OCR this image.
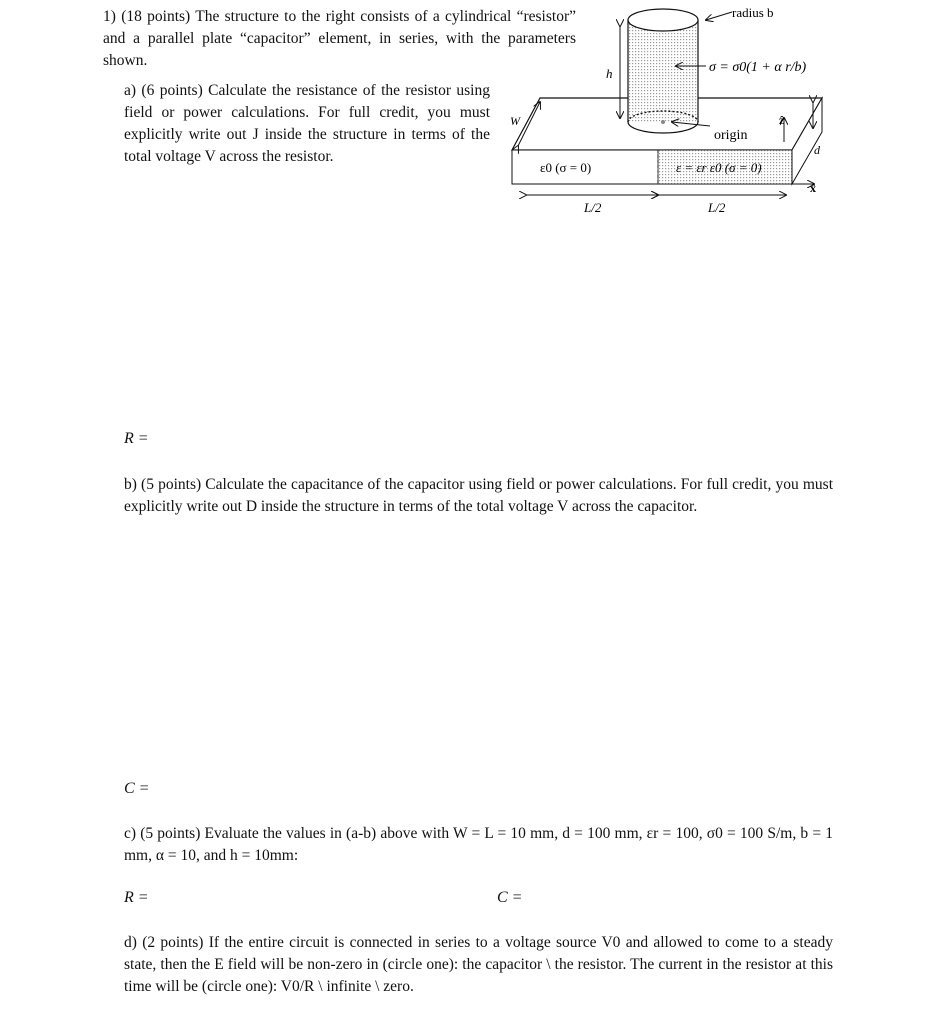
1) (18 points) The structure to the right consists of a cylindrical “resistor” and a parallel plate “capacitor” element, in series, with the parameters shown.
a) (6 points) Calculate the resistance of the resistor using field or power calculations. For full credit, you must explicitly write out J inside the structure in terms of the total voltage V across the resistor.
h
radius b
σ = σ0(1 + α r/b)
origin
W	ẑ
d
x̂
ε0 (σ = 0)	ε = εr ε0 (σ = 0)
L/2	L/2
R =
b) (5 points) Calculate the capacitance of the capacitor using field or power calculations. For full credit, you must explicitly write out D inside the structure in terms of the total voltage V across the capacitor.
C =
c) (5 points) Evaluate the values in (a-b) above with W = L = 10 mm, d = 100 mm, εr = 100, σ0 = 100 S/m, b = 1 mm, α = 10, and h = 10mm:
R =	C =
d) (2 points) If the entire circuit is connected in series to a voltage source V0 and allowed to come to a steady state, then the E field will be non-zero in (circle one): the capacitor \ the resistor. The current in the resistor at this time will be (circle one): V0/R \ infinite \ zero.
